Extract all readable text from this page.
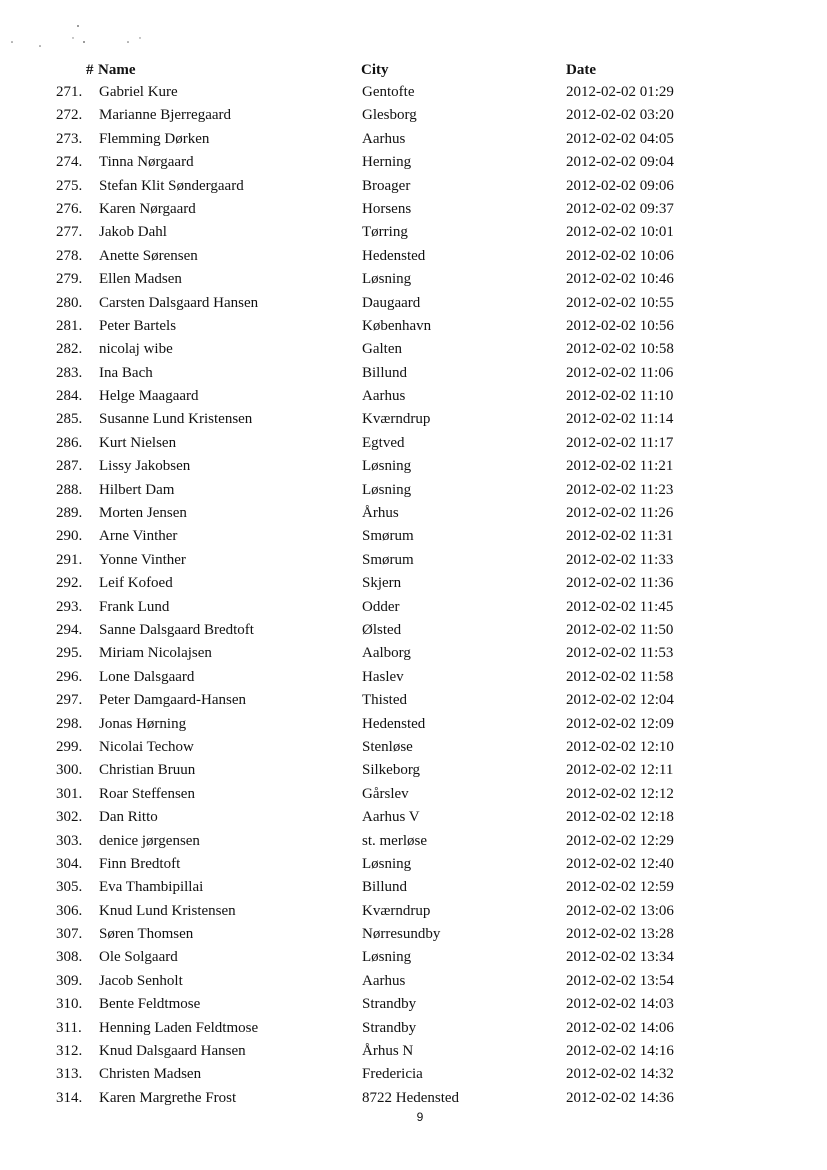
# Name	City	Date
271. Gabriel Kure	Gentofte	2012-02-02 01:29
272. Marianne Bjerregaard	Glesborg	2012-02-02 03:20
273. Flemming Dørken	Aarhus	2012-02-02 04:05
274. Tinna Nørgaard	Herning	2012-02-02 09:04
275. Stefan Klit Søndergaard	Broager	2012-02-02 09:06
276. Karen Nørgaard	Horsens	2012-02-02 09:37
277. Jakob Dahl	Tørring	2012-02-02 10:01
278. Anette Sørensen	Hedensted	2012-02-02 10:06
279. Ellen Madsen	Løsning	2012-02-02 10:46
280. Carsten Dalsgaard Hansen	Daugaard	2012-02-02 10:55
281. Peter Bartels	København	2012-02-02 10:56
282. nicolaj wibe	Galten	2012-02-02 10:58
283. Ina Bach	Billund	2012-02-02 11:06
284. Helge Maagaard	Aarhus	2012-02-02 11:10
285. Susanne Lund Kristensen	Kværndrup	2012-02-02 11:14
286. Kurt Nielsen	Egtved	2012-02-02 11:17
287. Lissy Jakobsen	Løsning	2012-02-02 11:21
288. Hilbert Dam	Løsning	2012-02-02 11:23
289. Morten Jensen	Århus	2012-02-02 11:26
290. Arne Vinther	Smørum	2012-02-02 11:31
291. Yonne Vinther	Smørum	2012-02-02 11:33
292. Leif Kofoed	Skjern	2012-02-02 11:36
293. Frank Lund	Odder	2012-02-02 11:45
294. Sanne Dalsgaard Bredtoft	Ølsted	2012-02-02 11:50
295. Miriam Nicolajsen	Aalborg	2012-02-02 11:53
296. Lone Dalsgaard	Haslev	2012-02-02 11:58
297. Peter Damgaard-Hansen	Thisted	2012-02-02 12:04
298. Jonas Hørning	Hedensted	2012-02-02 12:09
299. Nicolai Techow	Stenløse	2012-02-02 12:10
300. Christian Bruun	Silkeborg	2012-02-02 12:11
301. Roar Steffensen	Gårslev	2012-02-02 12:12
302. Dan Ritto	Aarhus V	2012-02-02 12:18
303. denice jørgensen	st. merløse	2012-02-02 12:29
304. Finn Bredtoft	Løsning	2012-02-02 12:40
305. Eva Thambipillai	Billund	2012-02-02 12:59
306. Knud Lund Kristensen	Kværndrup	2012-02-02 13:06
307. Søren Thomsen	Nørresundby	2012-02-02 13:28
308. Ole Solgaard	Løsning	2012-02-02 13:34
309. Jacob Senholt	Aarhus	2012-02-02 13:54
310. Bente Feldtmose	Strandby	2012-02-02 14:03
311. Henning Laden Feldtmose	Strandby	2012-02-02 14:06
312. Knud Dalsgaard Hansen	Århus N	2012-02-02 14:16
313. Christen Madsen	Fredericia	2012-02-02 14:32
314. Karen Margrethe Frost	8722 Hedensted	2012-02-02 14:36
9
